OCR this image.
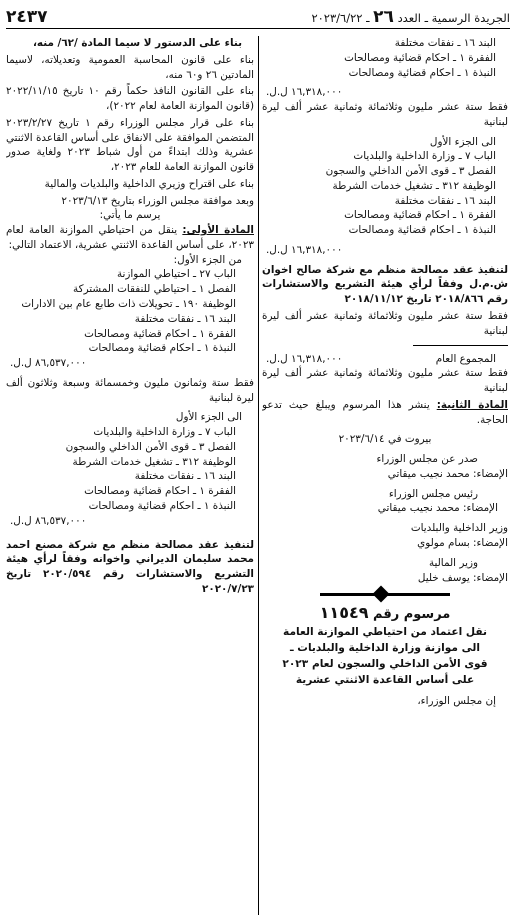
الجريدة الرسمية ـ العدد ٢٦ ـ ٢٠٢٣/٦/٢٢
٢٤٣٧
البند ١٦ ـ نفقات مختلفة
الفقرة ١ ـ احكام قضائية ومصالحات
النبذة ١ ـ احكام قضائية ومصالحات
١٦,٣١٨,٠٠٠ ل.ل.
فقط ستة عشر مليون وثلاثمائة وثمانية عشر ألف ليرة لبنانية
الى الجزء الأول
الباب ٧ ـ وزارة الداخلية والبلديات
الفصل ٣ ـ قوى الأمن الداخلي والسجون
الوظيفة ٣١٢ ـ تشغيل خدمات الشرطة
البند ١٦ ـ نفقات مختلفة
الفقرة ١ ـ احكام قضائية ومصالحات
النبذة ١ ـ احكام قضائية ومصالحات
١٦,٣١٨,٠٠٠ ل.ل.
لتنفيذ عقد مصالحة منظم مع شركة صالح اخوان ش.م.ل وفقاً لرأي هيئة التشريع والاستشارات رقم ٢٠١٨/٨٦٦ تاريخ ٢٠١٨/١١/١٢
فقط ستة عشر مليون وثلاثمائة وثمانية عشر ألف ليرة لبنانية
المجموع العام
١٦,٣١٨,٠٠٠ ل.ل.
فقط ستة عشر مليون وثلاثمائة وثمانية عشر ألف ليرة لبنانية
المادة الثانية: ينشر هذا المرسوم ويبلغ حيث تدعو الحاجة.
بيروت في ٢٠٢٣/٦/١٤
صدر عن مجلس الوزراء
الإمضاء: محمد نجيب ميقاتي
رئيس مجلس الوزراء
الإمضاء: محمد نجيب ميقاتي
وزير الداخلية والبلديات
الإمضاء: بسام مولوي
وزير المالية
الإمضاء: يوسف خليل
مرسوم رقم ١١٥٤٩
نقل اعتماد من احتياطي الموازنة العامة
الى موازنة وزارة الداخلية والبلديات ـ
قوى الأمن الداخلي والسجون لعام ٢٠٢٣
على أساس القاعدة الاثنتي عشرية
إن مجلس الوزراء،
بناء على الدستور لا سيما المادة /٦٢/ منه،
بناء على قانون المحاسبة العمومية وتعديلاته، لاسيما المادتين ٢٦ و٦٠ منه،
بناء على القانون النافذ حكماً رقم ١٠ تاريخ ٢٠٢٢/١١/١٥ (قانون الموازنة العامة لعام ٢٠٢٢)،
بناء على قرار مجلس الوزراء رقم ١ تاريخ ٢٠٢٣/٢/٢٧ المتضمن الموافقة على الانفاق على أساس القاعدة الاثنتي عشرية وذلك ابتداءً من أول شباط ٢٠٢٣ ولغاية صدور قانون الموازنة العامة للعام ٢٠٢٣،
بناء على اقتراح وزيري الداخلية والبلديات والمالية
وبعد موافقة مجلس الوزراء بتاريخ ٢٠٢٣/٦/١٣
يرسم ما يأتي:
المادة الأولى: ينقل من احتياطي الموازنة العامة لعام ٢٠٢٣، على أساس القاعدة الاثنتي عشرية، الاعتماد التالي:
من الجزء الأول:
الباب ٢٧ ـ احتياطي الموازنة
الفصل ١ ـ احتياطي للنفقات المشتركة
الوظيفة ١٩٠ ـ تحويلات ذات طابع عام بين الادارات
البند ١٦ ـ نفقات مختلفة
الفقرة ١ ـ احكام قضائية ومصالحات
النبذة ١ ـ احكام قضائية ومصالحات
٨٦,٥٣٧,٠٠٠ ل.ل.
فقط ستة وثمانون مليون وخمسمائة وسبعة وثلاثون ألف ليرة لبنانية
الى الجزء الأول
الباب ٧ ـ وزارة الداخلية والبلديات
الفصل ٣ ـ قوى الأمن الداخلي والسجون
الوظيفة ٣١٢ ـ تشغيل خدمات الشرطة
البند ١٦ ـ نفقات مختلفة
الفقرة ١ ـ احكام قضائية ومصالحات
النبذة ١ ـ احكام قضائية ومصالحات
٨٦,٥٣٧,٠٠٠ ل.ل.
لتنفيذ عقد مصالحة منظم مع شركة مصنع احمد محمد سليمان الديراني واخوانه وفقاً لرأي هيئة التشريع والاستشارات رقم ٢٠٢٠/٥٩٤ تاريخ ٢٠٢٠/٧/٢٣
